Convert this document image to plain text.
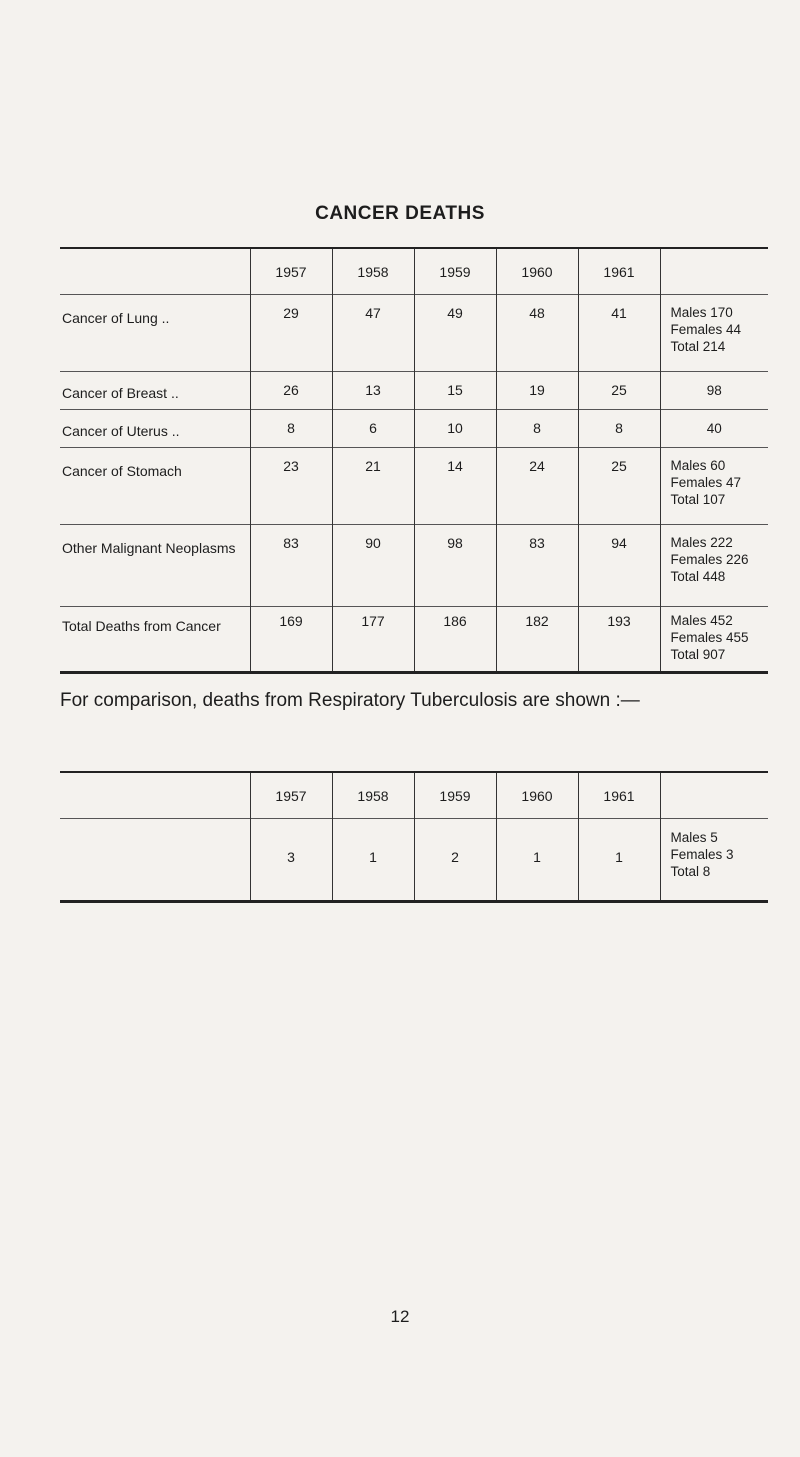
CANCER DEATHS
	1957	1958	1959	1960	1961	
Cancer of Lung ..	29	47	49	48	41	Males 170
Females 44
Total 214

Cancer of Breast ..	26	13	15	19	25	98
Cancer of Uterus ..	8	6	10	8	8	40
Cancer of Stomach	23	21	14	24	25	Males 60
Females 47
Total 107

Other Malignant Neoplasms	83	90	98	83	94	Males 222
Females 226
Total 448

Total Deaths from Cancer	169	177	186	182	193	Males 452
Females 455
Total 907
For comparison, deaths from Respiratory Tuberculosis are shown :—
	1957	1958	1959	1960	1961	
	3	1	2	1	1	Males 5
Females 3
Total 8
12
